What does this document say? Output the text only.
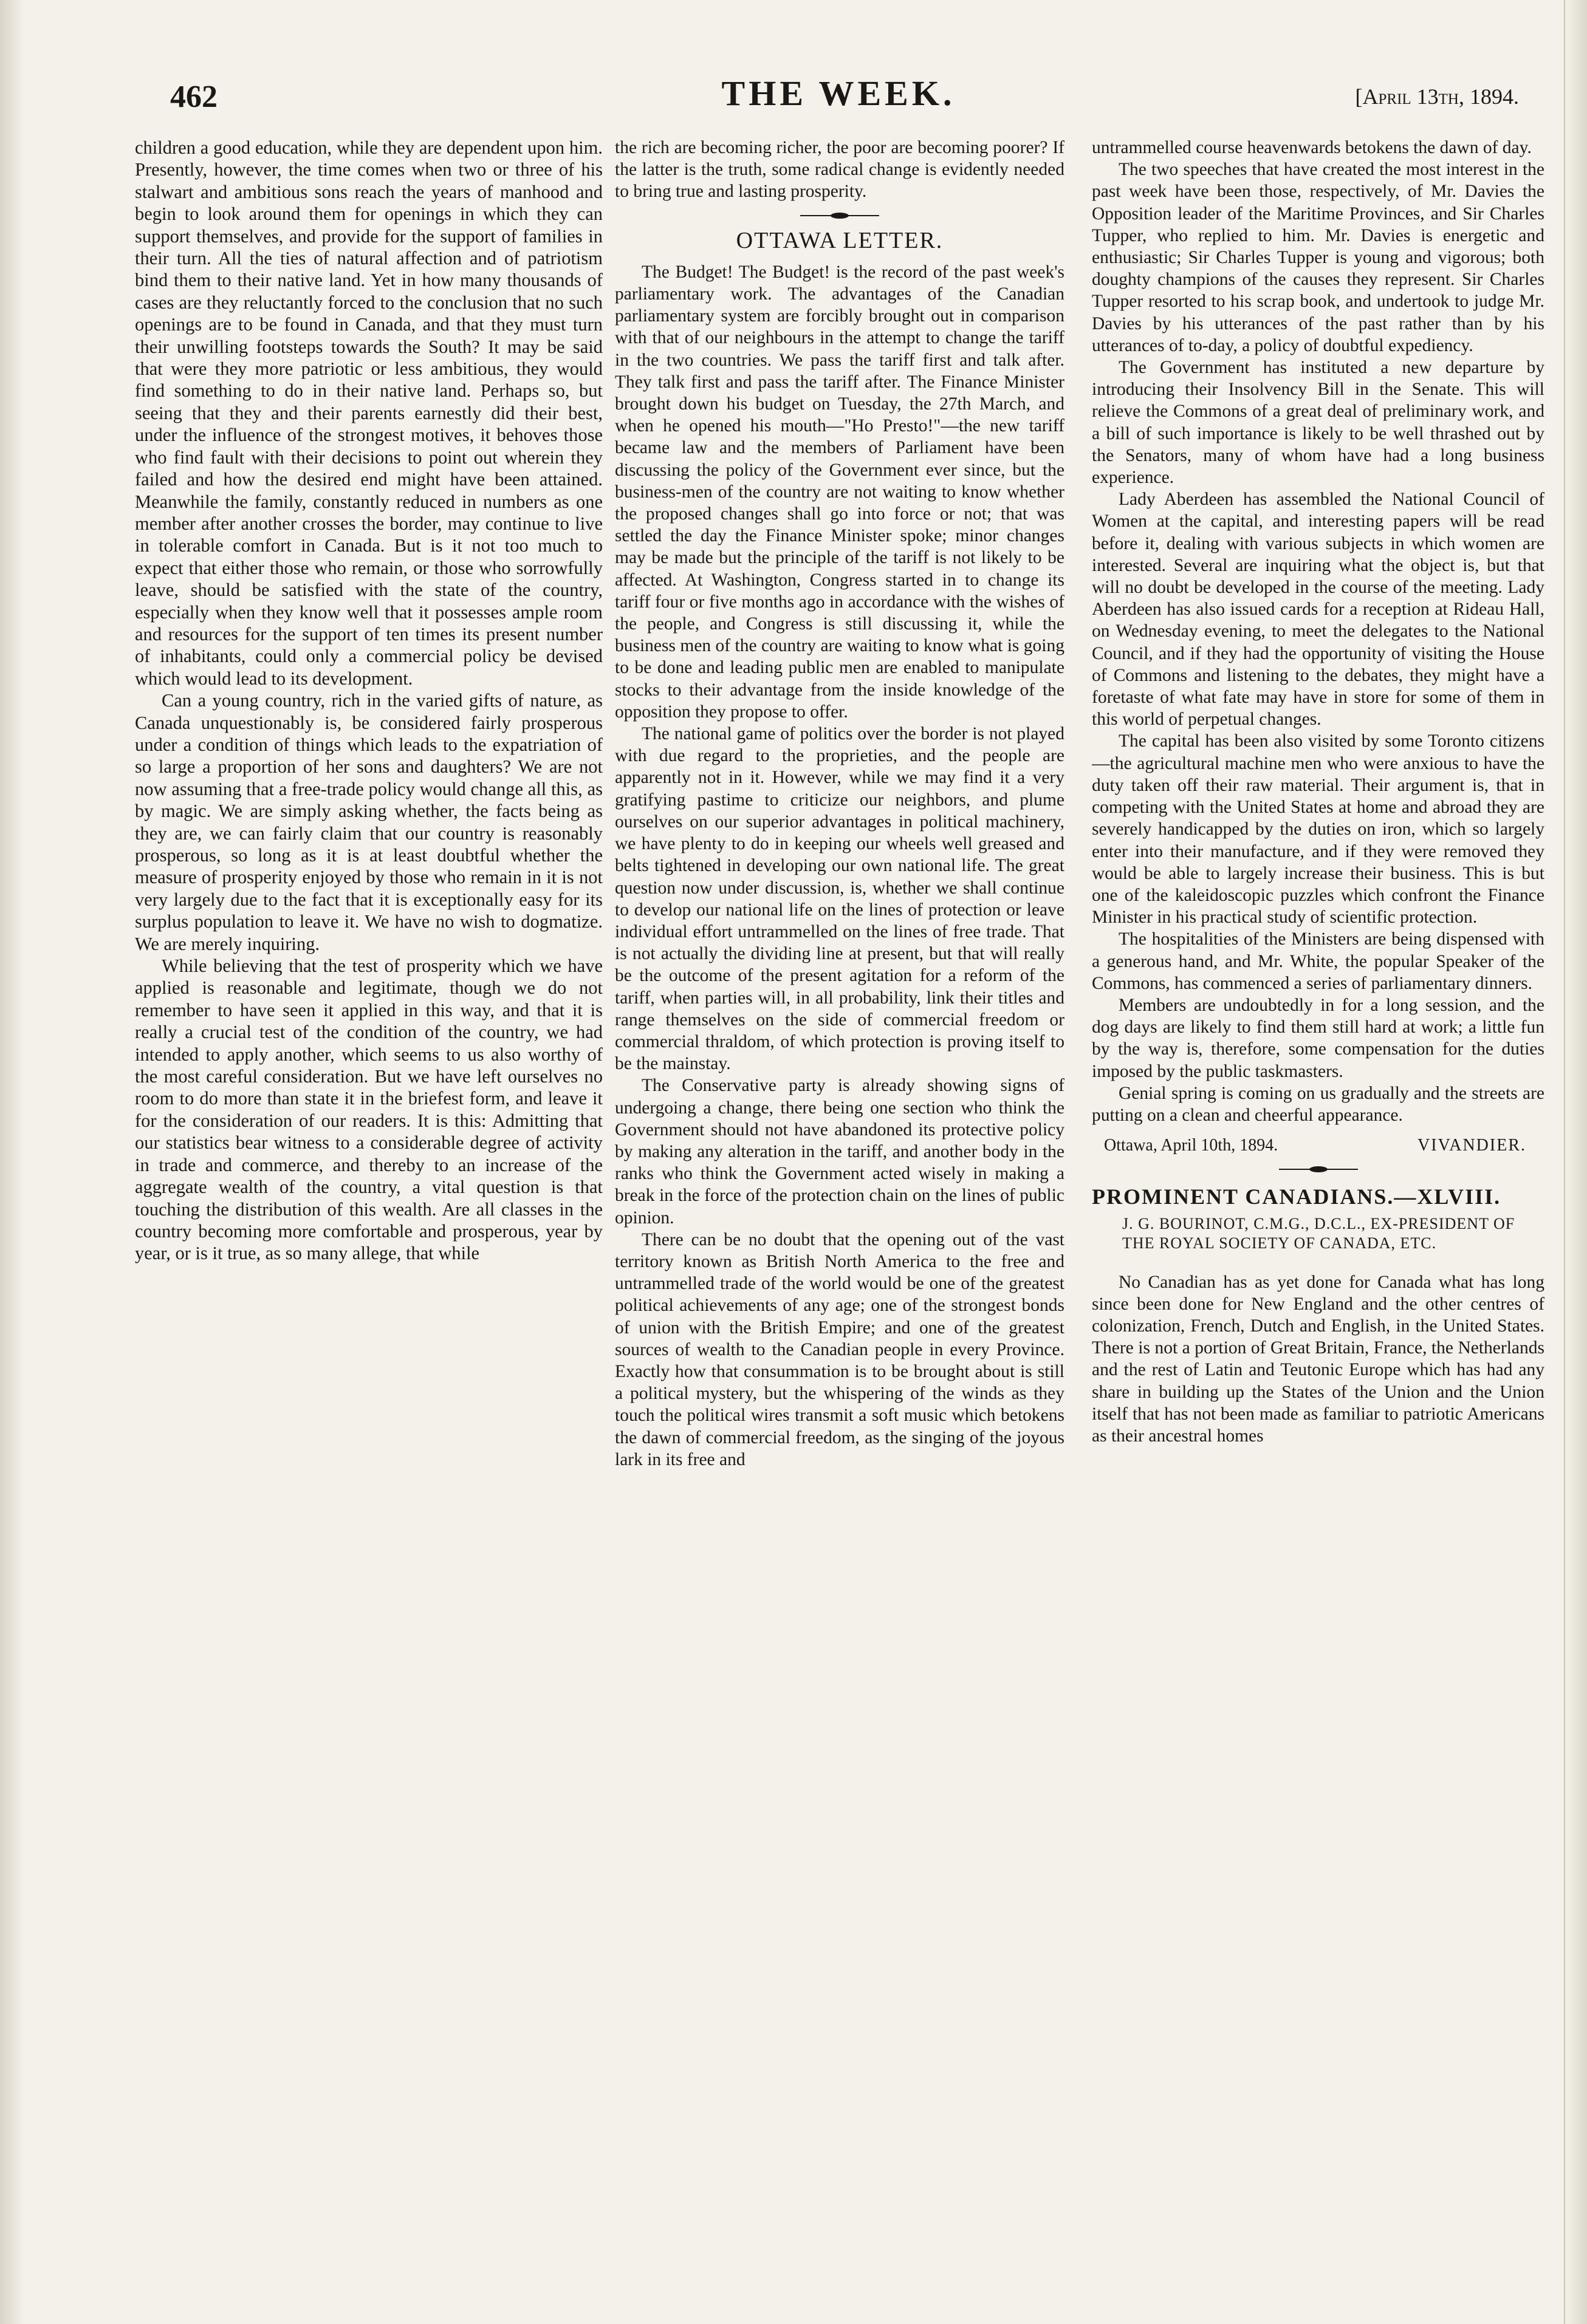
462	THE WEEK.	[April 13th, 1894.

children a good education, while they are dependent upon him. Presently, however, the time comes when two or three of his stalwart and ambitious sons reach the years of manhood and begin to look around them for openings in which they can support themselves, and provide for the support of families in their turn. All the ties of natural affection and of patriotism bind them to their native land. Yet in how many thousands of cases are they reluctantly forced to the conclusion that no such openings are to be found in Canada, and that they must turn their unwilling footsteps towards the South? It may be said that were they more patriotic or less ambitious, they would find something to do in their native land. Perhaps so, but seeing that they and their parents earnestly did their best, under the influence of the strongest motives, it behoves those who find fault with their decisions to point out wherein they failed and how the desired end might have been attained. Meanwhile the family, constantly reduced in numbers as one member after another crosses the border, may continue to live in tolerable comfort in Canada. But is it not too much to expect that either those who remain, or those who sorrowfully leave, should be satisfied with the state of the country, especially when they know well that it possesses ample room and resources for the support of ten times its present number of inhabitants, could only a commercial policy be devised which would lead to its development.

Can a young country, rich in the varied gifts of nature, as Canada unquestionably is, be considered fairly prosperous under a condition of things which leads to the expatriation of so large a proportion of her sons and daughters? We are not now assuming that a free-trade policy would change all this, as by magic. We are simply asking whether, the facts being as they are, we can fairly claim that our country is reasonably prosperous, so long as it is at least doubtful whether the measure of prosperity enjoyed by those who remain in it is not very largely due to the fact that it is exceptionally easy for its surplus population to leave it. We have no wish to dogmatize. We are merely inquiring.

While believing that the test of prosperity which we have applied is reasonable and legitimate, though we do not remember to have seen it applied in this way, and that it is really a crucial test of the condition of the country, we had intended to apply another, which seems to us also worthy of the most careful consideration. But we have left ourselves no room to do more than state it in the briefest form, and leave it for the consideration of our readers. It is this: Admitting that our statistics bear witness to a considerable degree of activity in trade and commerce, and thereby to an increase of the aggregate wealth of the country, a vital question is that touching the distribution of this wealth. Are all classes in the country becoming more comfortable and prosperous, year by year, or is it true, as so many allege, that while

the rich are becoming richer, the poor are becoming poorer? If the latter is the truth, some radical change is evidently needed to bring true and lasting prosperity.

OTTAWA LETTER.

The Budget! The Budget! is the record of the past week's parliamentary work. The advantages of the Canadian parliamentary system are forcibly brought out in comparison with that of our neighbours in the attempt to change the tariff in the two countries. We pass the tariff first and talk after. They talk first and pass the tariff after. The Finance Minister brought down his budget on Tuesday, the 27th March, and when he opened his mouth—"Ho Presto!"—the new tariff became law and the members of Parliament have been discussing the policy of the Government ever since, but the business-men of the country are not waiting to know whether the proposed changes shall go into force or not; that was settled the day the Finance Minister spoke; minor changes may be made but the principle of the tariff is not likely to be affected. At Washington, Congress started in to change its tariff four or five months ago in accordance with the wishes of the people, and Congress is still discussing it, while the business men of the country are waiting to know what is going to be done and leading public men are enabled to manipulate stocks to their advantage from the inside knowledge of the opposition they propose to offer.

The national game of politics over the border is not played with due regard to the proprieties, and the people are apparently not in it. However, while we may find it a very gratifying pastime to criticize our neighbors, and plume ourselves on our superior advantages in political machinery, we have plenty to do in keeping our wheels well greased and belts tightened in developing our own national life. The great question now under discussion, is, whether we shall continue to develop our national life on the lines of protection or leave individual effort untrammelled on the lines of free trade. That is not actually the dividing line at present, but that will really be the outcome of the present agitation for a reform of the tariff, when parties will, in all probability, link their titles and range themselves on the side of commercial freedom or commercial thraldom, of which protection is proving itself to be the mainstay.

The Conservative party is already showing signs of undergoing a change, there being one section who think the Government should not have abandoned its protective policy by making any alteration in the tariff, and another body in the ranks who think the Government acted wisely in making a break in the force of the protection chain on the lines of public opinion.

There can be no doubt that the opening out of the vast territory known as British North America to the free and untrammelled trade of the world would be one of the greatest political achievements of any age; one of the strongest bonds of union with the British Empire; and one of the greatest sources of wealth to the Canadian people in every Province. Exactly how that consummation is to be brought about is still a political mystery, but the whispering of the winds as they touch the political wires transmit a soft music which betokens the dawn of commercial freedom, as the singing of the joyous lark in its free and

untrammelled course heavenwards betokens the dawn of day.

The two speeches that have created the most interest in the past week have been those, respectively, of Mr. Davies the Opposition leader of the Maritime Provinces, and Sir Charles Tupper, who replied to him. Mr. Davies is energetic and enthusiastic; Sir Charles Tupper is young and vigorous; both doughty champions of the causes they represent. Sir Charles Tupper resorted to his scrap book, and undertook to judge Mr. Davies by his utterances of the past rather than by his utterances of to-day, a policy of doubtful expediency.

The Government has instituted a new departure by introducing their Insolvency Bill in the Senate. This will relieve the Commons of a great deal of preliminary work, and a bill of such importance is likely to be well thrashed out by the Senators, many of whom have had a long business experience.

Lady Aberdeen has assembled the National Council of Women at the capital, and interesting papers will be read before it, dealing with various subjects in which women are interested. Several are inquiring what the object is, but that will no doubt be developed in the course of the meeting. Lady Aberdeen has also issued cards for a reception at Rideau Hall, on Wednesday evening, to meet the delegates to the National Council, and if they had the opportunity of visiting the House of Commons and listening to the debates, they might have a foretaste of what fate may have in store for some of them in this world of perpetual changes.

The capital has been also visited by some Toronto citizens—the agricultural machine men who were anxious to have the duty taken off their raw material. Their argument is, that in competing with the United States at home and abroad they are severely handicapped by the duties on iron, which so largely enter into their manufacture, and if they were removed they would be able to largely increase their business. This is but one of the kaleidoscopic puzzles which confront the Finance Minister in his practical study of scientific protection.

The hospitalities of the Ministers are being dispensed with a generous hand, and Mr. White, the popular Speaker of the Commons, has commenced a series of parliamentary dinners.

Members are undoubtedly in for a long session, and the dog days are likely to find them still hard at work; a little fun by the way is, therefore, some compensation for the duties imposed by the public taskmasters.

Genial spring is coming on us gradually and the streets are putting on a clean and cheerful appearance.

Ottawa, April 10th, 1894.	VIVANDIER.
PROMINENT CANADIANS.—XLVIII.
J. G. BOURINOT, C.M.G., D.C.L., EX-PRESIDENT OF THE ROYAL SOCIETY OF CANADA, ETC.

No Canadian has as yet done for Canada what has long since been done for New England and the other centres of colonization, French, Dutch and English, in the United States. There is not a portion of Great Britain, France, the Netherlands and the rest of Latin and Teutonic Europe which has had any share in building up the States of the Union and the Union itself that has not been made as familiar to patriotic Americans as their ancestral homes
